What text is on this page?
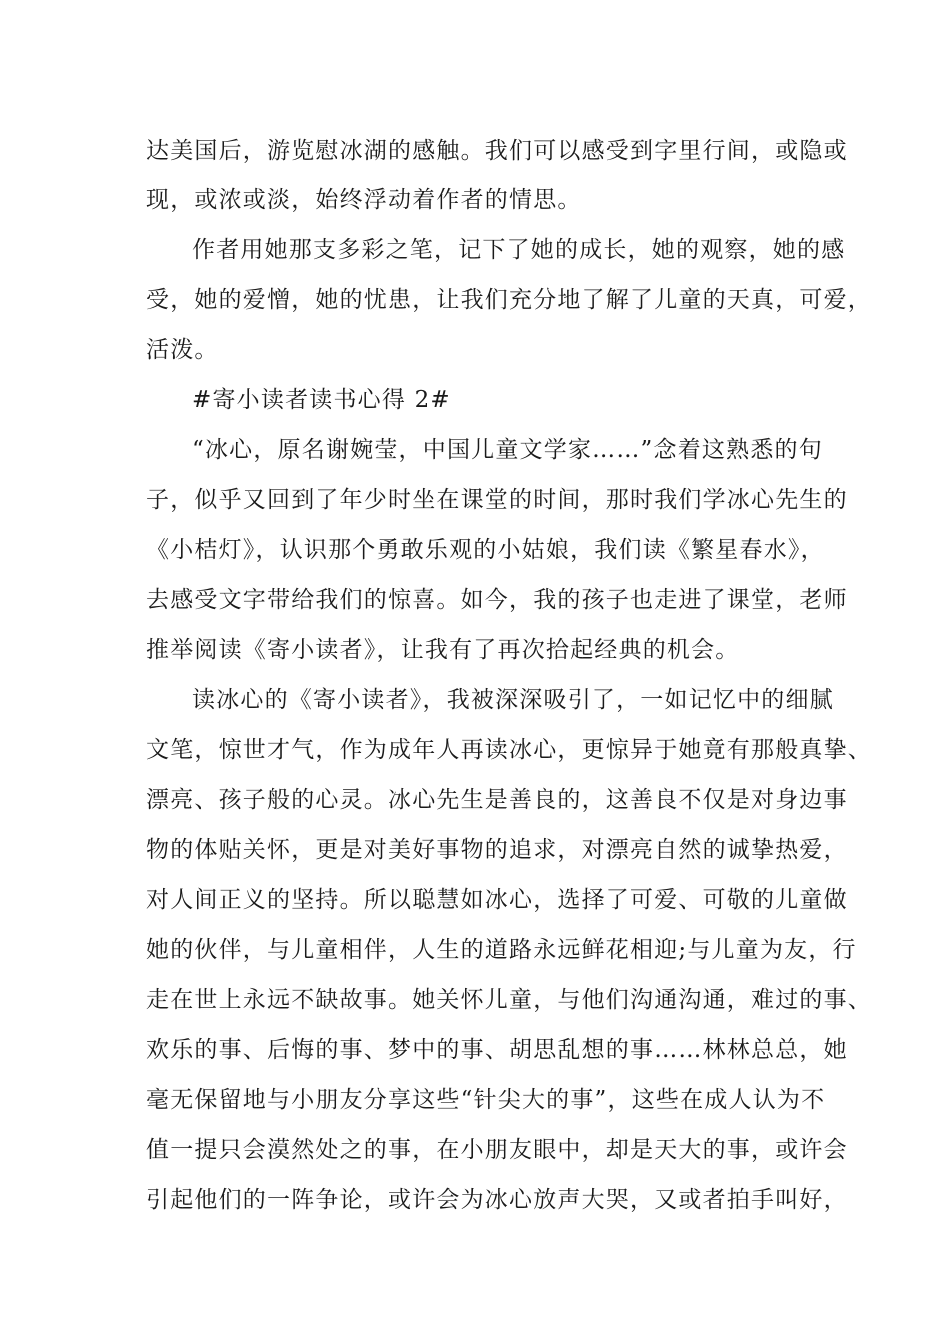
达美国后，游览慰冰湖的感触。我们可以感受到字里行间，或隐或
现，或浓或淡，始终浮动着作者的情思。
作者用她那支多彩之笔，记下了她的成长，她的观察，她的感
受，她的爱憎，她的忧患，让我们充分地了解了儿童的天真，可爱，
活泼。
#寄小读者读书心得 2#
“冰心，原名谢婉莹，中国儿童文学家……”念着这熟悉的句
子，似乎又回到了年少时坐在课堂的时间，那时我们学冰心先生的
《小桔灯》，认识那个勇敢乐观的小姑娘，我们读《繁星春水》，
去感受文字带给我们的惊喜。如今，我的孩子也走进了课堂，老师
推举阅读《寄小读者》，让我有了再次拾起经典的机会。
读冰心的《寄小读者》，我被深深吸引了，一如记忆中的细腻
文笔，惊世才气，作为成年人再读冰心，更惊异于她竟有那般真挚、
漂亮、孩子般的心灵。冰心先生是善良的，这善良不仅是对身边事
物的体贴关怀，更是对美好事物的追求，对漂亮自然的诚挚热爱，
对人间正义的坚持。所以聪慧如冰心，选择了可爱、可敬的儿童做
她的伙伴，与儿童相伴，人生的道路永远鲜花相迎;与儿童为友，行
走在世上永远不缺故事。她关怀儿童，与他们沟通沟通，难过的事、
欢乐的事、后悔的事、梦中的事、胡思乱想的事……林林总总，她
毫无保留地与小朋友分享这些“针尖大的事”，这些在成人认为不
值一提只会漠然处之的事，在小朋友眼中，却是天大的事，或许会
引起他们的一阵争论，或许会为冰心放声大哭，又或者拍手叫好，
